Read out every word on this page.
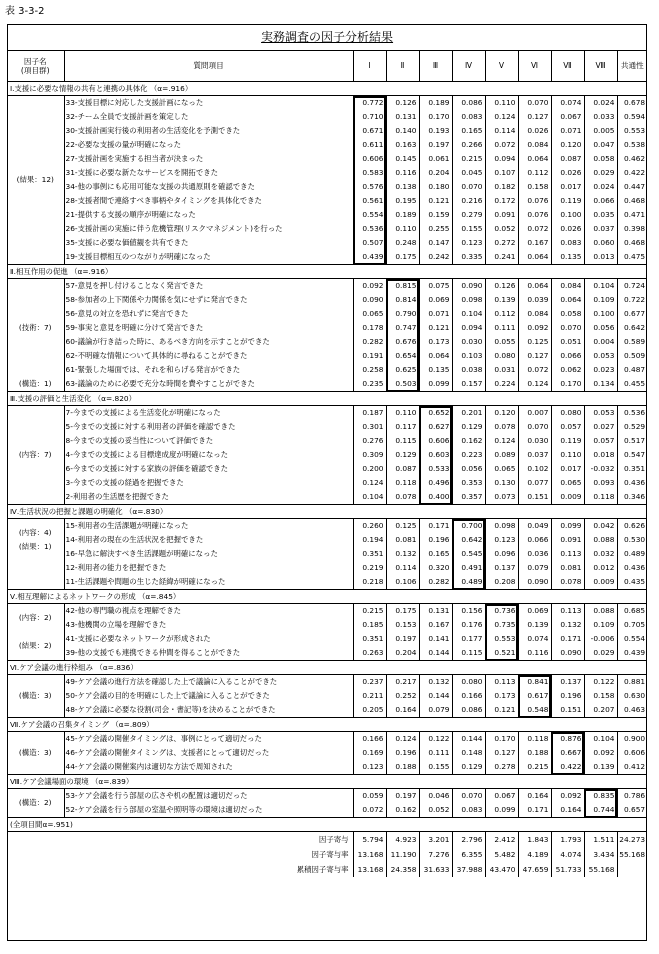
表 3-3-2
実務調査の因子分析結果										
因子名
(項目群)	質問項目	Ⅰ	Ⅱ	Ⅲ	Ⅳ	Ⅴ	Ⅵ	Ⅶ	Ⅷ	共通性
Ⅰ.支援に必要な情報の共有と連携の具体化 （α=.916）										
(結果：12)	33-支援目標に対応した支援計画になった	0.772	0.126	0.189	0.086	0.110	0.070	0.074	0.024	0.678
	32-チーム全員で支援計画を策定した	0.710	0.131	0.170	0.083	0.124	0.127	0.067	0.033	0.594
	30-支援計画実行後の利用者の生活変化を予測できた	0.671	0.140	0.193	0.165	0.114	0.026	0.071	0.005	0.553
	22-必要な支援の量が明確になった	0.611	0.163	0.197	0.266	0.072	0.084	0.120	0.047	0.538
	27-支援計画を実施する担当者が決まった	0.606	0.145	0.061	0.215	0.094	0.064	0.087	0.058	0.462
	31-支援に必要な新たなサービスを開拓できた	0.583	0.116	0.204	0.045	0.107	0.112	0.026	0.029	0.422
	34-他の事例にも応用可能な支援の共通原則を確認できた	0.576	0.138	0.180	0.070	0.182	0.158	0.017	0.024	0.447
	28-支援者間で連絡すべき事柄やタイミングを具体化できた	0.561	0.195	0.121	0.216	0.172	0.076	0.119	0.066	0.468
	21-提供する支援の順序が明確になった	0.554	0.189	0.159	0.279	0.091	0.076	0.100	0.035	0.471
	26-支援計画の実施に伴う危機管理(リスクマネジメント)を行った	0.536	0.110	0.255	0.155	0.052	0.072	0.026	0.037	0.398
	35-支援に必要な価値観を共有できた	0.507	0.248	0.147	0.123	0.272	0.167	0.083	0.060	0.468
	19-支援目標相互のつながりが明確になった	0.439	0.175	0.242	0.335	0.241	0.064	0.135	0.013	0.475
Ⅱ.相互作用の促進 （α=.916）										
(技術：7)	57-意見を押し付けることなく発言できた	0.092	0.815	0.075	0.090	0.126	0.064	0.084	0.104	0.724
	58-参加者の上下関係や力関係を気にせずに発言できた	0.090	0.814	0.069	0.098	0.139	0.039	0.064	0.109	0.722
	56-意見の対立を恐れずに発言できた	0.065	0.790	0.071	0.104	0.112	0.084	0.058	0.100	0.677
	59-事実と意見を明確に分けて発言できた	0.178	0.747	0.121	0.094	0.111	0.092	0.070	0.056	0.642
	60-議論が行き詰った時に、あるべき方向を示すことができた	0.282	0.676	0.173	0.030	0.055	0.125	0.051	0.004	0.589
	62-不明確な情報について具体的に尋ねることができた	0.191	0.654	0.064	0.103	0.080	0.127	0.066	0.053	0.509
	61-緊張した場面では、それを和らげる発言ができた	0.258	0.625	0.135	0.038	0.031	0.072	0.062	0.023	0.487
(構造：1)	63-議論のために必要で充分な時間を費やすことができた	0.235	0.503	0.099	0.157	0.224	0.124	0.170	0.134	0.455
Ⅲ.支援の評価と生活変化 （α=.820）										
(内容：7)	7-今までの支援による生活変化が明確になった	0.187	0.110	0.652	0.201	0.120	0.007	0.080	0.053	0.536
	5-今までの支援に対する利用者の評価を確認できた	0.301	0.117	0.627	0.129	0.078	0.070	0.057	0.027	0.529
	8-今までの支援の妥当性について評価できた	0.276	0.115	0.606	0.162	0.124	0.030	0.119	0.057	0.517
	4-今までの支援による目標達成度が明確になった	0.309	0.129	0.603	0.223	0.089	0.037	0.110	0.018	0.547
	6-今までの支援に対する家族の評価を確認できた	0.200	0.087	0.533	0.056	0.065	0.102	0.017	-0.032	0.351
	3-今までの支援の経過を把握できた	0.124	0.118	0.496	0.353	0.130	0.077	0.065	0.093	0.436
	2-利用者の生活歴を把握できた	0.104	0.078	0.400	0.357	0.073	0.151	0.009	0.118	0.346
Ⅳ.生活状況の把握と課題の明確化 （α=.830）										
(内容：4)
(結果：1)	15-利用者の生活課題が明確になった	0.260	0.125	0.171	0.700	0.098	0.049	0.099	0.042	0.626
	14-利用者の現在の生活状況を把握できた	0.194	0.081	0.196	0.642	0.123	0.066	0.091	0.088	0.530
	16-早急に解決すべき生活課題が明確になった	0.351	0.132	0.165	0.545	0.096	0.036	0.113	0.032	0.489
	12-利用者の能力を把握できた	0.219	0.114	0.320	0.491	0.137	0.079	0.081	0.012	0.436
	11-生活課題や問題の生じた経緯が明確になった	0.218	0.106	0.282	0.489	0.208	0.090	0.078	0.009	0.435
Ⅴ.相互理解によるネットワークの形成 （α=.845）										
(内容：2)	42-他の専門職の視点を理解できた	0.215	0.175	0.131	0.156	0.736	0.069	0.113	0.088	0.685
	43-他機関の立場を理解できた	0.185	0.153	0.167	0.176	0.735	0.139	0.132	0.109	0.705
(結果：2)	41-支援に必要なネットワークが形成された	0.351	0.197	0.141	0.177	0.553	0.074	0.171	-0.006	0.554
	39-他の支援でも連携できる仲間を得ることができた	0.263	0.204	0.144	0.115	0.521	0.116	0.090	0.029	0.439
Ⅵ.ケア会議の進行枠組み （α=.836）										
(構造：3)	49-ケア会議の進行方法を確認した上で議論に入ることができた	0.237	0.217	0.132	0.080	0.113	0.841	0.137	0.122	0.881
	50-ケア会議の目的を明確にした上で議論に入ることができた	0.211	0.252	0.144	0.166	0.173	0.617	0.196	0.158	0.630
	48-ケア会議に必要な役割(司会・書記等)を決めることができた	0.205	0.164	0.079	0.086	0.121	0.548	0.151	0.207	0.463
Ⅶ.ケア会議の召集タイミング （α=.809）										
(構造：3)	45-ケア会議の開催タイミングは、事例にとって適切だった	0.166	0.124	0.122	0.144	0.170	0.118	0.876	0.104	0.900
	46-ケア会議の開催タイミングは、支援者にとって適切だった	0.169	0.196	0.111	0.148	0.127	0.188	0.667	0.092	0.606
	44-ケア会議の開催案内は適切な方法で周知された	0.123	0.188	0.155	0.129	0.278	0.215	0.422	0.139	0.412
Ⅷ.ケア会議場面の環境 （α=.839）										
(構造：2)	53-ケア会議を行う部屋の広さや机の配置は適切だった	0.059	0.197	0.046	0.070	0.067	0.164	0.092	0.835	0.786
	52-ケア会議を行う部屋の室温や照明等の環境は適切だった	0.072	0.162	0.052	0.083	0.099	0.171	0.164	0.744	0.657
(全項目間α=.951)										
因子寄与		5.794	4.923	3.201	2.796	2.412	1.843	1.793	1.511	24.273
因子寄与率		13.168	11.190	7.276	6.355	5.482	4.189	4.074	3.434	55.168
累積因子寄与率		13.168	24.358	31.633	37.988	43.470	47.659	51.733	55.168	
